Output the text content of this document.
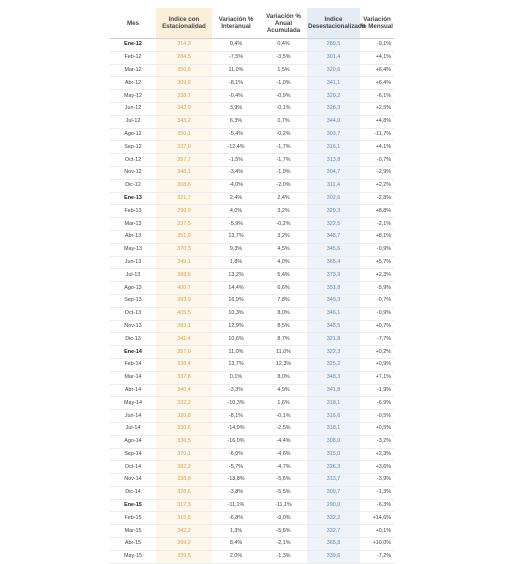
Mes	Indice con Estacionalidad	Variación % Interanual	Variación % Anual Acumulada	Indice Desestacionalizado	Variación % Mensual
Ene-12	314,3	0,4%	0,4%	289,5	-9,1%
Feb-12	284,5	-7,5%	-3,5%	301,4	+4,1%
Mar-12	350,6	11,0%	1,5%	320,6	+6,4%
Abr-12	309,6	-8,1%	-1,0%	341,1	+6,4%
May-12	338,7	-0,4%	-0,9%	320,2	-6,1%
Jun-12	342,9	3,9%	-0,1%	328,3	+2,5%
Jul-12	343,2	6,3%	0,7%	344,0	+4,8%
Ago-12	350,1	-5,4%	-0,2%	303,7	-11,7%
Sep-12	337,0	-12,4%	-1,7%	316,1	+4,1%
Oct-12	357,7	-1,5%	-1,7%	313,8	-0,7%
Nov-12	348,1	-3,4%	-1,9%	304,7	-2,9%
Dic-12	308,6	-4,0%	-2,0%	311,4	+2,2%
Ene-13	321,7	2,4%	2,4%	302,6	-2,8%
Feb-13	296,9	4,0%	3,2%	329,3	+8,8%
Mar-13	337,5	-5,9%	-0,2%	322,5	-2,1%
Abr-13	351,9	13,7%	3,2%	348,7	+8,1%
May-13	370,3	9,3%	4,5%	345,6	-0,9%
Jun-13	349,1	1,8%	4,0%	365,4	+5,7%
Jul-13	388,6	13,2%	5,4%	373,9	+2,3%
Ago-13	400,7	14,4%	6,6%	351,8	-5,9%
Sep-13	393,9	16,9%	7,8%	349,3	-0,7%
Oct-13	405,5	10,3%	8,0%	346,1	-0,9%
Nov-13	393,1	12,9%	8,5%	348,5	+0,7%
Dic-13	341,4	10,6%	8,7%	321,8	-7,7%
Ene-14	357,0	11,0%	11,0%	322,3	+0,2%
Feb-14	338,4	13,7%	12,3%	325,2	+0,9%
Mar-14	337,8	0,1%	8,0%	348,3	+7,1%
Abr-14	340,4	-3,3%	4,9%	341,8	-1,9%
May-14	332,2	-10,3%	1,6%	318,1	-6,9%
Jun-14	320,8	-8,1%	-0,1%	316,6	-0,5%
Jul-14	330,6	-14,9%	-2,5%	318,1	+0,5%
Ago-14	336,5	-16,0%	-4,4%	308,0	-3,2%
Sep-14	370,1	-6,0%	-4,6%	315,0	+2,3%
Oct-14	382,3	-5,7%	-4,7%	326,3	+3,6%
Nov-14	338,8	-13,8%	-5,6%	313,7	-3,9%
Dic-14	328,6	-3,8%	-5,5%	309,7	-1,3%
Ene-15	317,3	-11,1%	-11,1%	290,0	-6,3%
Feb-15	315,8	-6,8%	-9,0%	332,2	+14,6%
Mar-15	342,2	1,3%	-5,6%	332,7	+0,1%
Abr-15	369,2	8,4%	-2,1%	365,8	+10,0%
May-15	339,5	2,0%	-1,3%	339,6	-7,2%
